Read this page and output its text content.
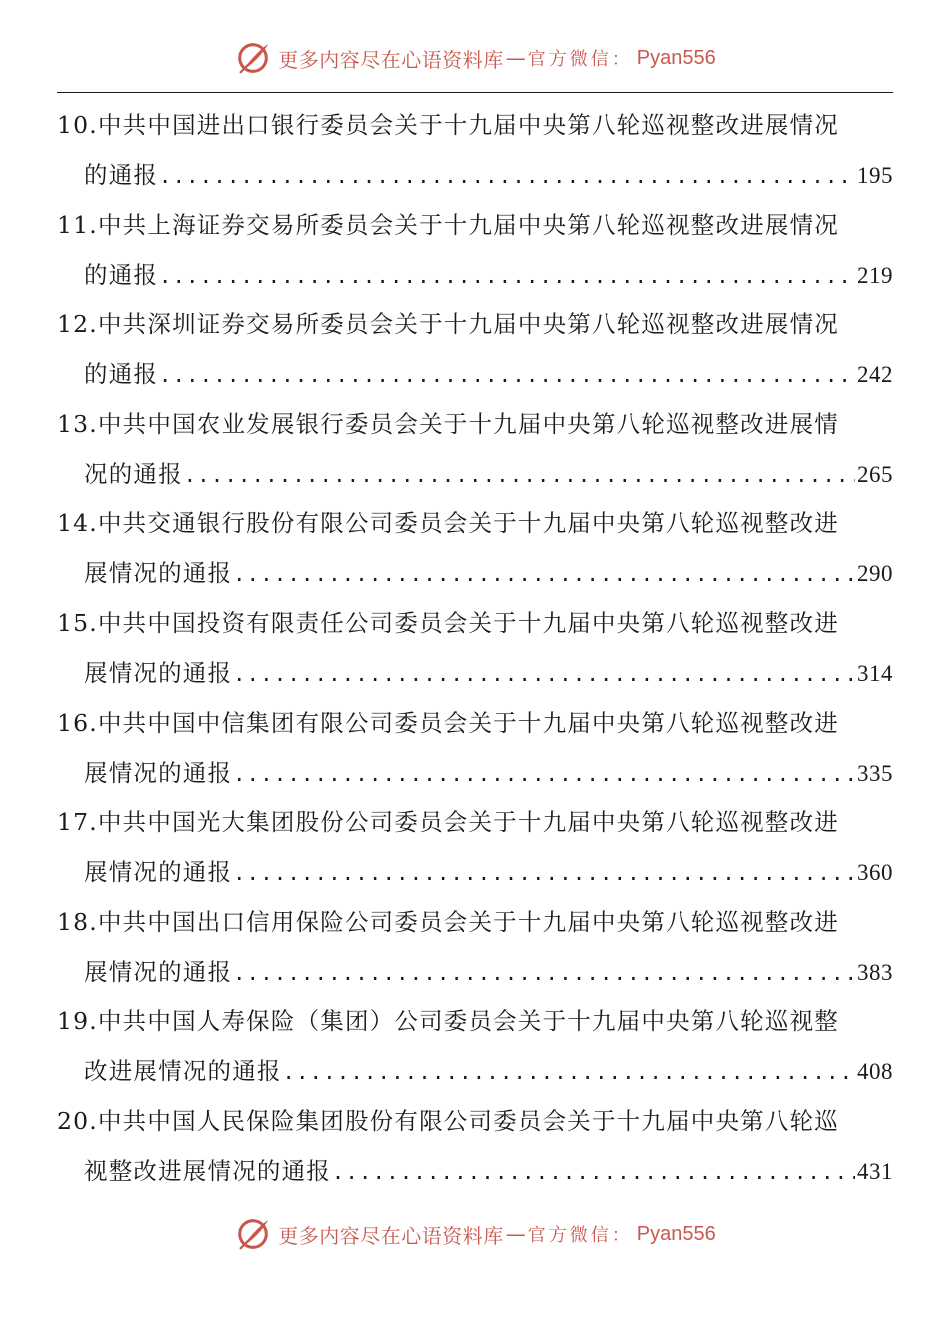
更多内容尽在心语资料库 — 官方微信： Pyan556
10.中共中国进出口银行委员会关于十九届中央第八轮巡视整改进展情况
的通报 .....	195
11.中共上海证券交易所委员会关于十九届中央第八轮巡视整改进展情况
的通报 .....	219
12.中共深圳证券交易所委员会关于十九届中央第八轮巡视整改进展情况
的通报 .....	242
13.中共中国农业发展银行委员会关于十九届中央第八轮巡视整改进展情
况的通报 .....	265
14.中共交通银行股份有限公司委员会关于十九届中央第八轮巡视整改进
展情况的通报 .....	290
15.中共中国投资有限责任公司委员会关于十九届中央第八轮巡视整改进
展情况的通报 .....	314
16.中共中国中信集团有限公司委员会关于十九届中央第八轮巡视整改进
展情况的通报 .....	335
17.中共中国光大集团股份公司委员会关于十九届中央第八轮巡视整改进
展情况的通报 .....	360
18.中共中国出口信用保险公司委员会关于十九届中央第八轮巡视整改进
展情况的通报 .....	383
19.中共中国人寿保险（集团）公司委员会关于十九届中央第八轮巡视整
改进展情况的通报 .....	408
20.中共中国人民保险集团股份有限公司委员会关于十九届中央第八轮巡
视整改进展情况的通报 .....	431
更多内容尽在心语资料库 — 官方微信： Pyan556
